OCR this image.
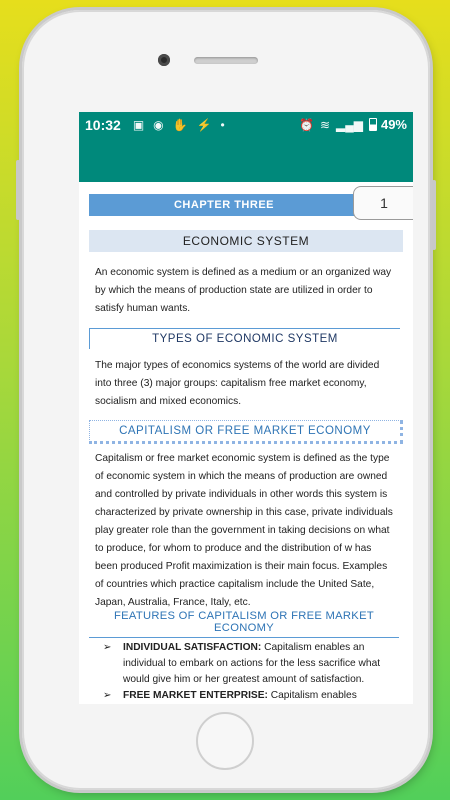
10:32 ▣ ◉ ✋ ⚡ •	⏰ ≋ ▂▄▆ 49%
CHAPTER THREE	1
ECONOMIC SYSTEM
An economic system is defined as a medium or an organized way by which the means of production state are utilized in order to satisfy human wants.
TYPES OF ECONOMIC SYSTEM
The major types of economics systems of the world are divided into three (3) major groups: capitalism free market economy, socialism and mixed economics.
CAPITALISM OR FREE MARKET ECONOMY
Capitalism or free market economic system is defined as the type of economic system in which the means of production are owned and controlled by private individuals in other words this system is characterized by private ownership in this case, private individuals play greater role than the government in taking decisions on what to produce, for whom to produce and the distribution of w has been produced Profit maximization is their main focus. Examples of countries which practice capitalism include the United Sate, Japan, Australia, France, Italy, etc.
FEATURES OF CAPITALISM OR FREE MARKET ECONOMY
➢ INDIVIDUAL SATISFACTION: Capitalism enables an individual to embark on actions for the less sacrifice what would give him or her greatest amount of satisfaction.
➢ FREE MARKET ENTERPRISE: Capitalism enables
